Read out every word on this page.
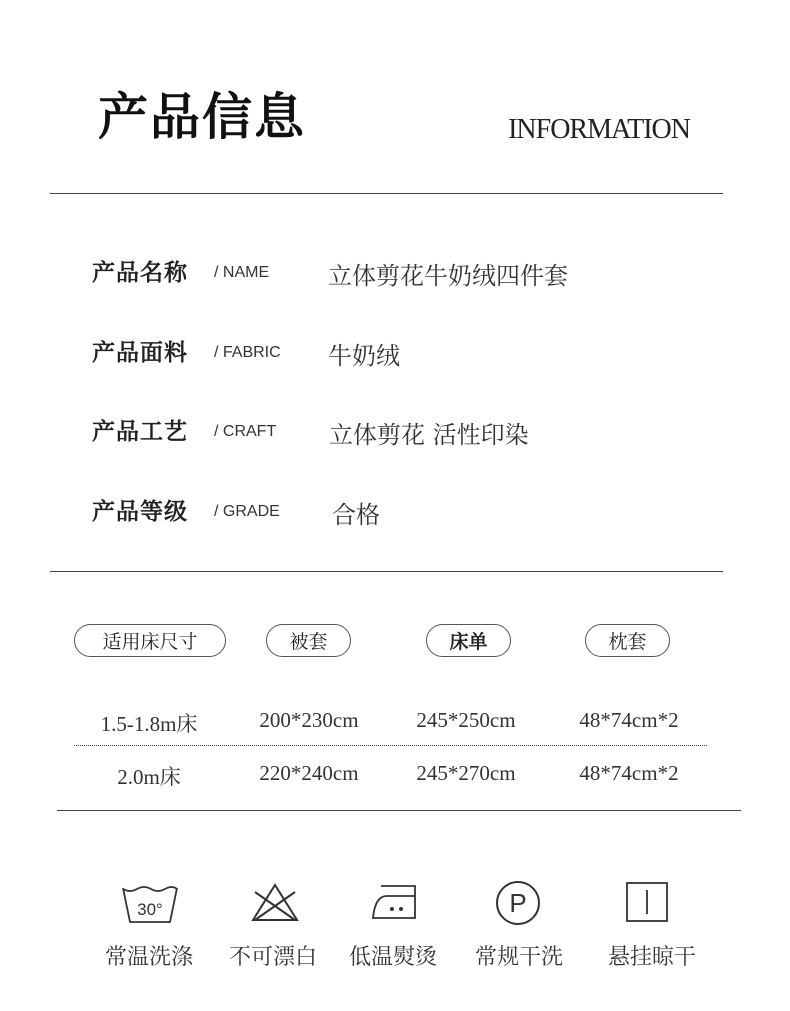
产品信息	INFORMATION
产品名称 / NAME 立体剪花牛奶绒四件套
产品面料 / FABRIC 牛奶绒
产品工艺 / CRAFT 立体剪花 活性印染
产品等级 / GRADE 合格
适用床尺寸	被套	床单	枕套
1.5-1.8m床	200*230cm	245*250cm	48*74cm*2
2.0m床	220*240cm	245*270cm	48*74cm*2
30°	P
常温洗涤	不可漂白	低温熨烫	常规干洗	悬挂晾干
